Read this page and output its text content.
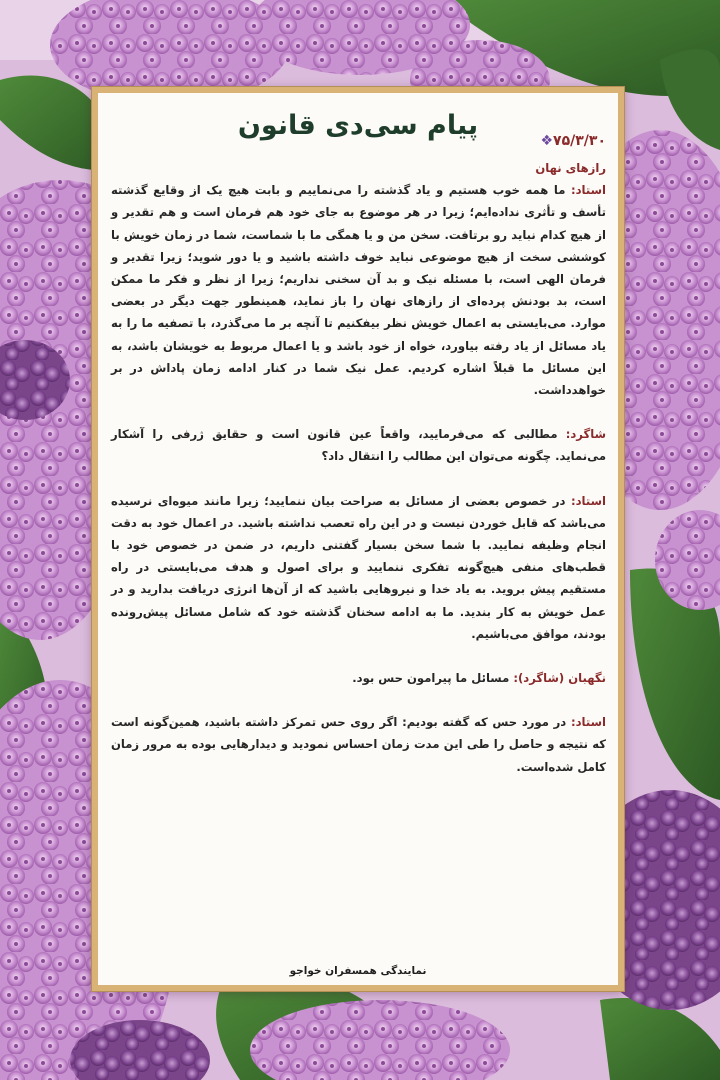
پیام سی‌دی قانون	❖۷۵/۳/۳۰

رازهای نهان

استاد: ما همه خوب هستیم و یاد گذشته را می‌نماییم و بابت هیچ یک از وقایع گذشته تأسف و تأثری نداده‌ایم؛ زیرا در هر موضوع به جای خود هم فرمان است و هم تقدیر و از هیچ کدام نباید رو برتافت. سخن من و یا همگی ما با شماست، شما در زمان خویش با کوششی سخت از هیچ موضوعی نباید خوف داشته باشید و یا دور شوید؛ زیرا تقدیر و فرمان الهی است، با مسئله نیک و بد آن سخنی نداریم؛ زیرا از نظر و فکر ما ممکن است، بد بودنش پرده‌ای از رازهای نهان را باز نماید، همینطور جهت دیگر در بعضی موارد. می‌بایستی به اعمال خویش نظر بیفکنیم تا آنچه بر ما می‌گذرد، با تصفیه ما را به یاد مسائل از یاد رفته بیاورد، خواه از خود باشد و یا اعمال مربوط به خویشان باشد، به این مسائل ما قبلاً اشاره کردیم. عمل نیک شما در کنار ادامه زمان پاداش در بر خواهدداشت.

شاگرد: مطالبی که می‌فرمایید، واقعاً عین قانون است و حقایق ژرفی را آشکار می‌نماید. چگونه می‌توان این مطالب را انتقال داد؟

استاد: در خصوص بعضی از مسائل به صراحت بیان ننمایید؛ زیرا مانند میوه‌ای نرسیده می‌باشد که قابل خوردن نیست و در این راه تعصب نداشته باشید. در اعمال خود به دقت انجام وظیفه نمایید. با شما سخن بسیار گفتنی داریم، در ضمن در خصوص خود با قطب‌های منفی هیچ‌گونه تفکری ننمایید و برای اصول و هدف می‌بایستی در راه مستقیم پیش بروید. به یاد خدا و نیروهایی باشید که از آن‌ها انرژی دریافت بدارید و در عمل خویش به کار بندید. ما به ادامه سخنان گذشته خود که شامل مسائل پیش‌رونده بودند، موافق می‌باشیم.

نگهبان (شاگرد): مسائل ما پیرامون حس بود.

استاد: در مورد حس که گفته بودیم: اگر روی حس تمرکز داشته باشید، همین‌گونه است که نتیجه و حاصل را طی این مدت زمان احساس نمودید و دیدارهایی بوده به مرور زمان کامل شده‌است.

نمایندگی همسفران خواجو
